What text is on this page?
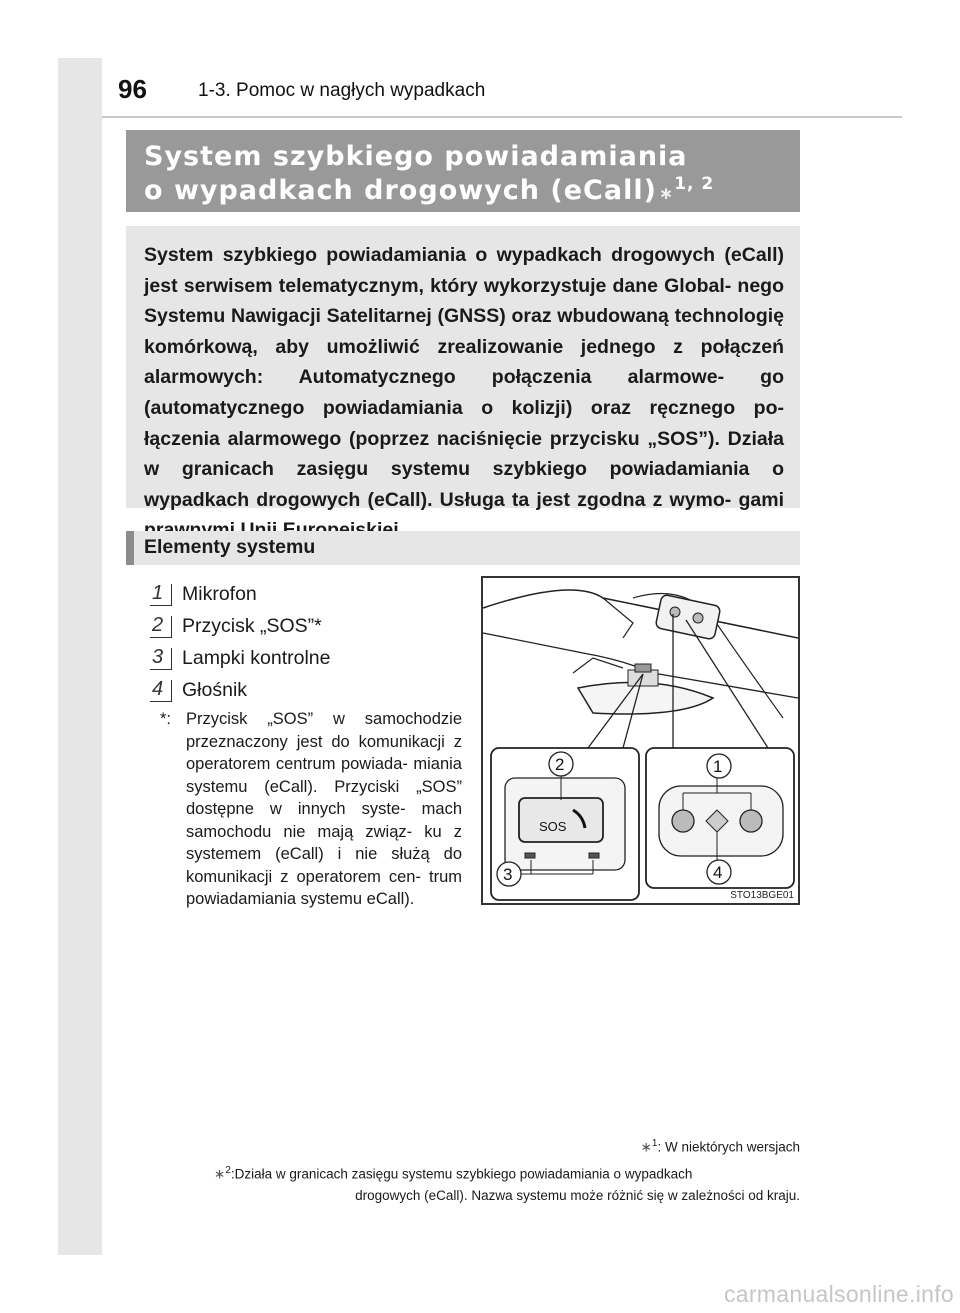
96	1-3. Pomoc w nagłych wypadkach
System szybkiego powiadamiania
o wypadkach drogowych (eCall) ∗$^{1, 2}$

System szybkiego powiadamiania o wypadkach drogowych (eCall) jest serwisem telematycznym, który wykorzystuje dane Global- nego Systemu Nawigacji Satelitarnej (GNSS) oraz wbudowaną technologię komórkową, aby umożliwić zrealizowanie jednego z połączeń alarmowych: Automatycznego połączenia alarmowe- go (automatycznego powiadamiania o kolizji) oraz ręcznego po- łączenia alarmowego (poprzez naciśnięcie przycisku „SOS”). Działa w granicach zasięgu systemu szybkiego powiadamiania o wypadkach drogowych (eCall). Usługa ta jest zgodna z wymo- gami

Elementy systemu
1 Mikrofon
2 Przycisk „SOS”*
3 Lampki kontrolne
4 Głośnik
*: Przycisk „SOS” w samochodzie przeznaczony jest do komunikacji z operatorem centrum powiada- miania systemu (eCall). Przyciski „SOS” dostępne w innych syste- mach samochodu nie mają związ- ku z systemem (eCall) i nie służą do komunikacji z operatorem cen- trum powiadamiania systemu eCall).
SOS
2
3
1
4
STO13BGE01
∗$^1$: W niektórych wersjach
∗$^2$:Działa w granicach zasięgu systemu szybkiego powiadamiania o wypadkach
drogowych (eCall). Nazwa systemu może różnić się w zależności od kraju.
carmanualsonline.info
